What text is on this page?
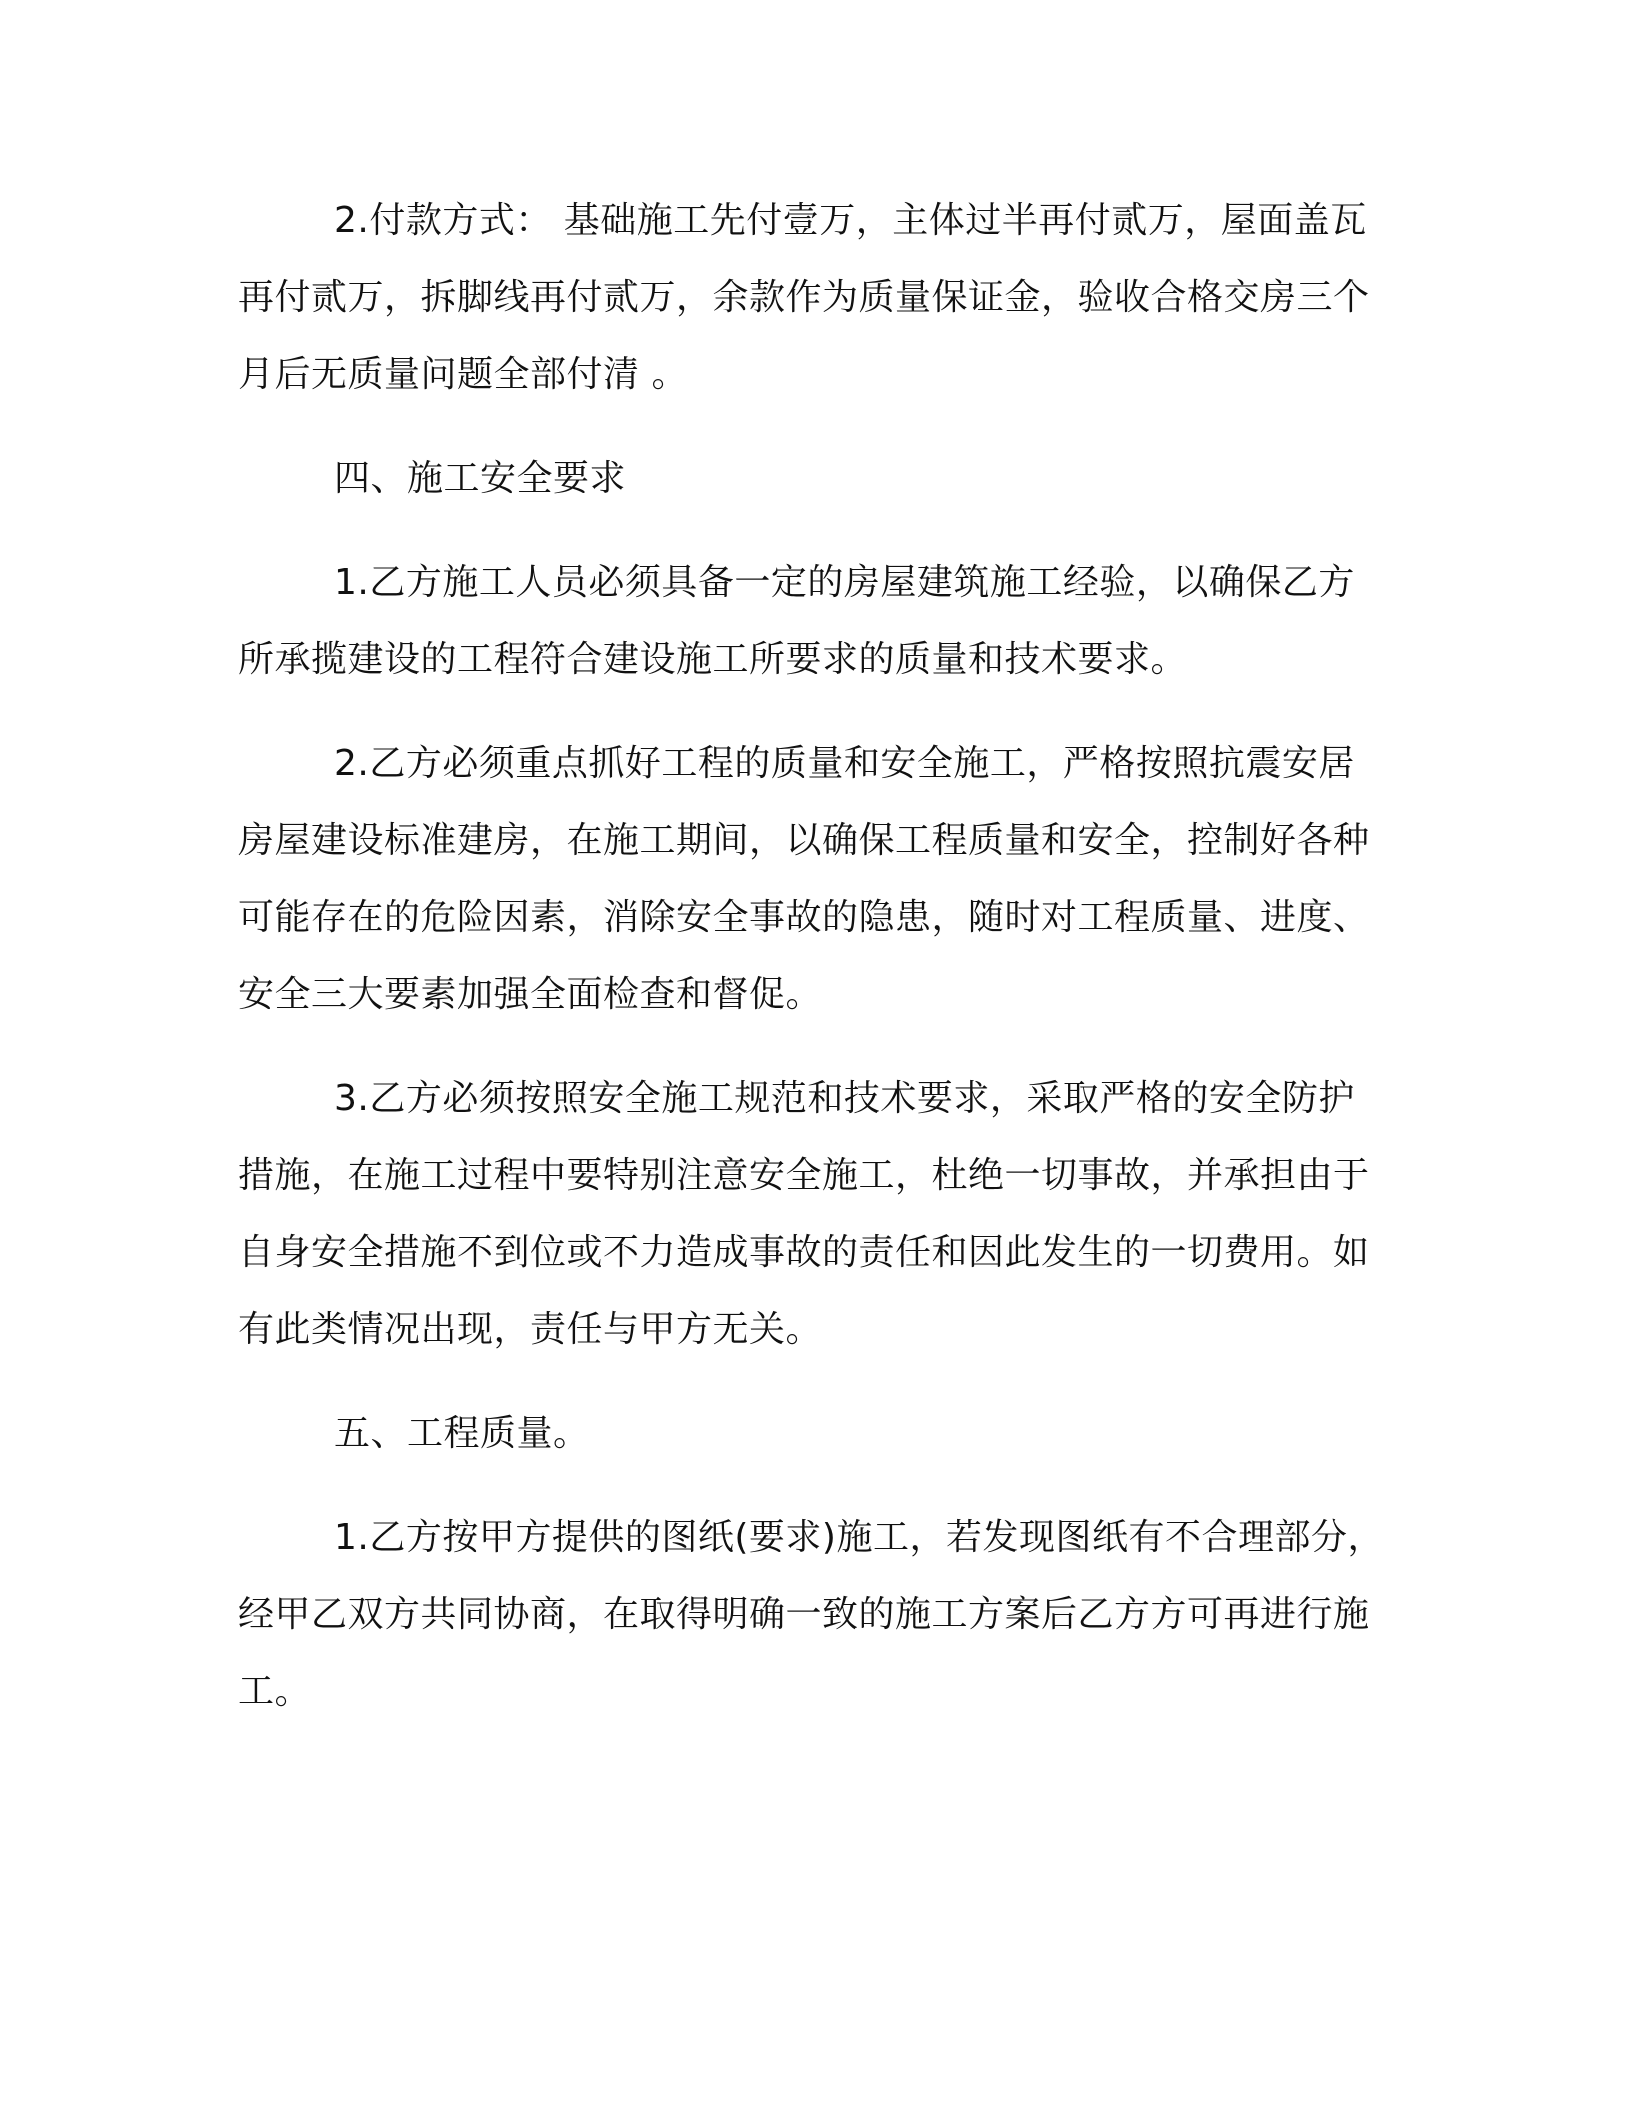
2.付款方式： 基础施工先付壹万，主体过半再付贰万，屋面盖瓦再付贰万，拆脚线再付贰万，余款作为质量保证金，验收合格交房三个月后无质量问题全部付清 。

四、施工安全要求

1.乙方施工人员必须具备一定的房屋建筑施工经验，以确保乙方所承揽建设的工程符合建设施工所要求的质量和技术要求。

2.乙方必须重点抓好工程的质量和安全施工，严格按照抗震安居房屋建设标准建房，在施工期间，以确保工程质量和安全，控制好各种可能存在的危险因素，消除安全事故的隐患，随时对工程质量、进度、安全三大要素加强全面检查和督促。

3.乙方必须按照安全施工规范和技术要求，采取严格的安全防护措施，在施工过程中要特别注意安全施工，杜绝一切事故，并承担由于自身安全措施不到位或不力造成事故的责任和因此发生的一切费用。如有此类情况出现，责任与甲方无关。

五、工程质量。

1.乙方按甲方提供的图纸(要求)施工，若发现图纸有不合理部分，经甲乙双方共同协商，在取得明确一致的施工方案后乙方方可再进行施工。
